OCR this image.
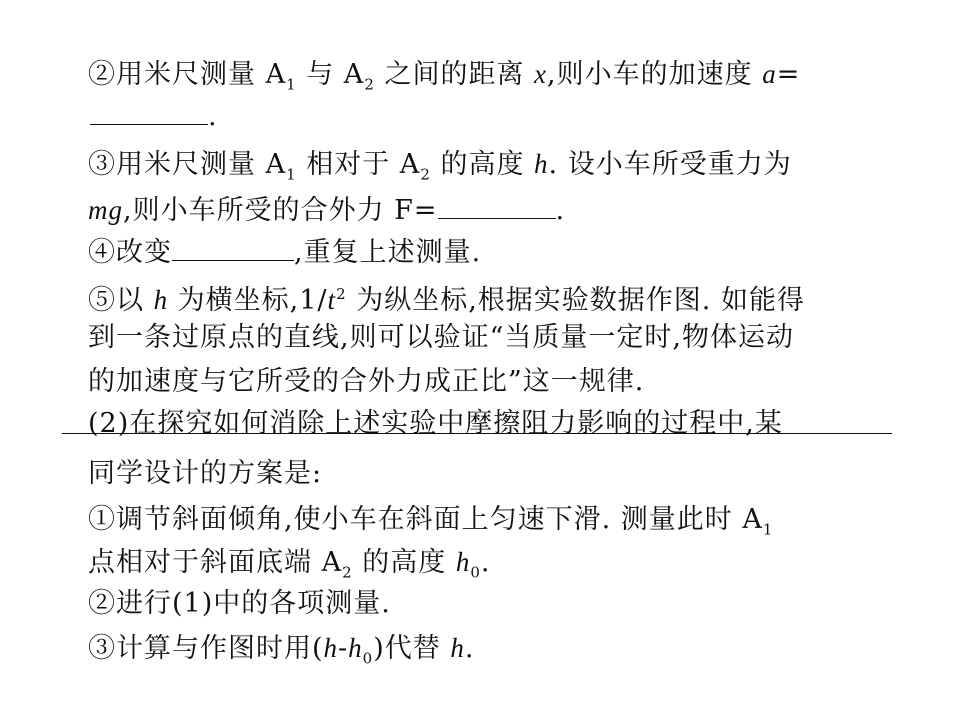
②用米尺测量 $A_1$ 与 $A_2$ 之间的距离 x,则小车的加速度 a=
.
③用米尺测量 $A_1$ 相对于 $A_2$ 的高度 h. 设小车所受重力为
mg,则小车所受的合外力 F=	.
④改变	,重复上述测量.
⑤以 h 为横坐标$,1/t^2$ 为纵坐标,根据实验数据作图. 如能得
到一条过原点的直线,则可以验证“当质量一定时,物体运动
的加速度与它所受的合外力成正比”这一规律.
(2)在探究如何消除上述实验中摩擦阻力影响的过程中,某
同学设计的方案是:
①调节斜面倾角,使小车在斜面上匀速下滑. 测量此时 $A_1$
点相对于斜面底端 $A_2$ 的高度 $h_0$.
②进行(1)中的各项测量.
③计算与作图时用$(h-h_0)$代替 h.
